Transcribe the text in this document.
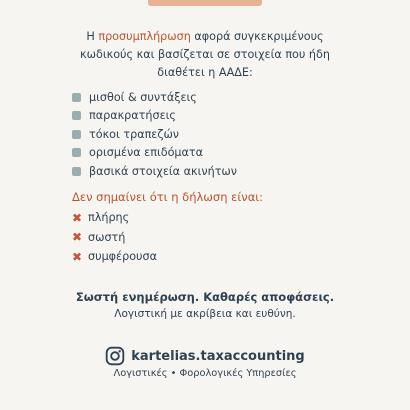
Η προσυμπλήρωση αφορά συγκεκριμένους
κωδικούς και βασίζεται σε στοιχεία που ήδη
διαθέτει η ΑΑΔΕ:
μισθοί & συντάξεις
παρακρατήσεις
τόκοι τραπεζών
ορισμένα επιδόματα
βασικά στοιχεία ακινήτων
Δεν σημαίνει ότι η δήλωση είναι:
✖ πλήρης
✖ σωστή
✖ συμφέρουσα
Σωστή ενημέρωση. Καθαρές αποφάσεις.
Λογιστική με ακρίβεια και ευθύνη.
kartelias.taxaccounting
Λογιστικές • Φορολογικές Υπηρεσίες
